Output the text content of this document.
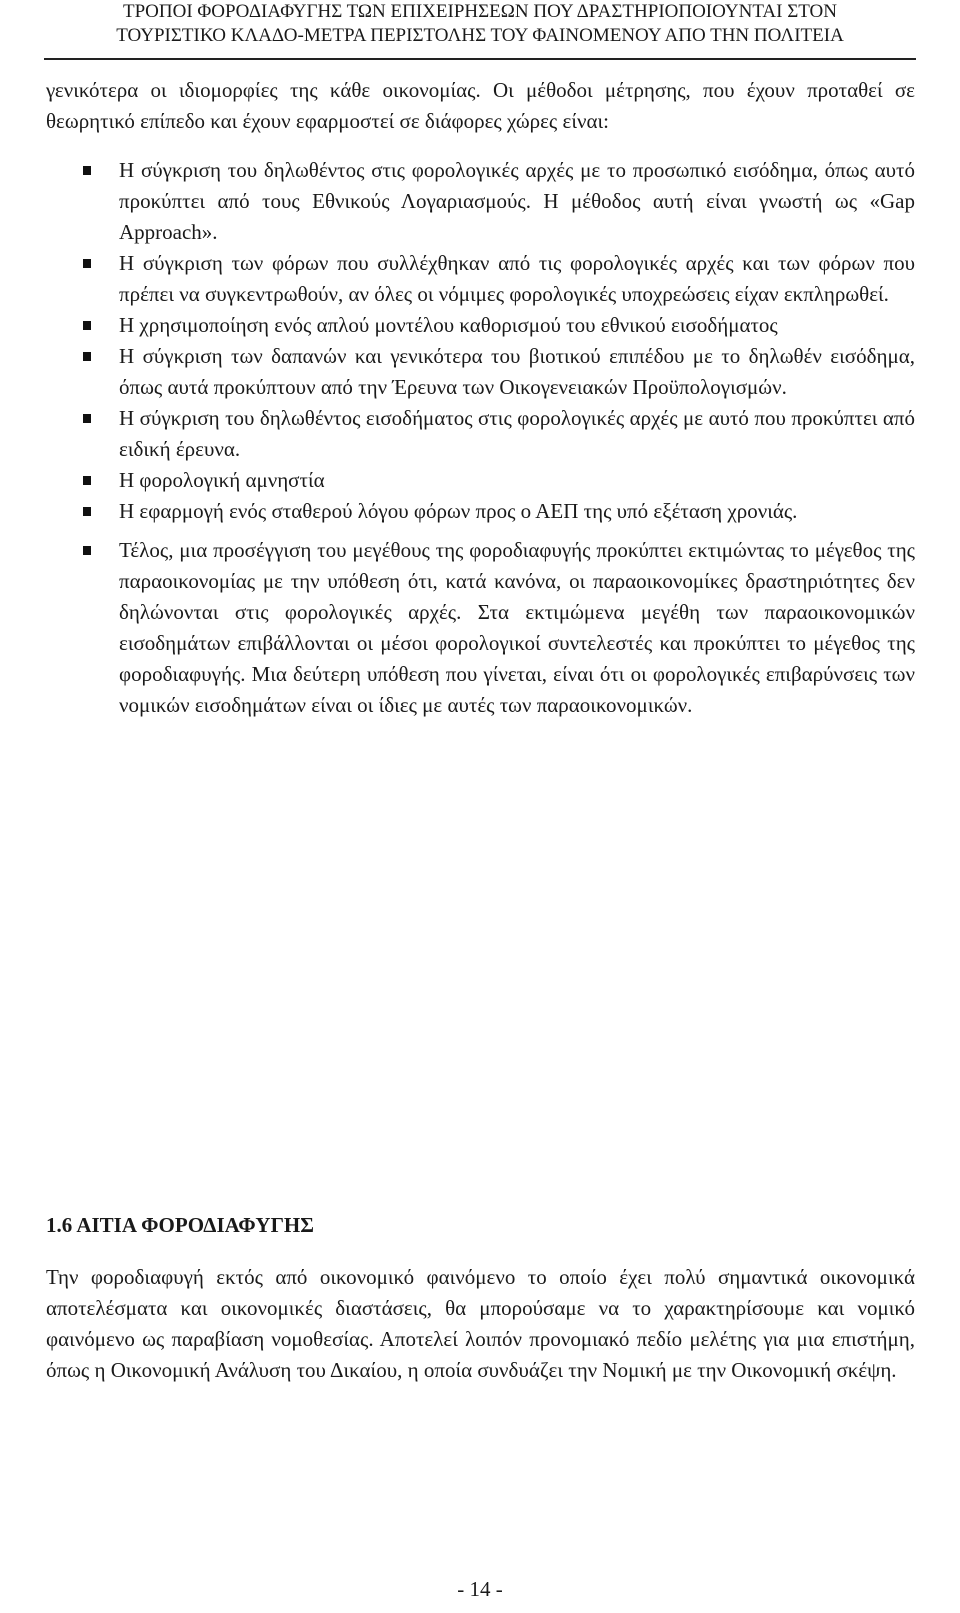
ΤΡΟΠΟΙ ΦΟΡΟΔΙΑΦΥΓΗΣ ΤΩΝ ΕΠΙΧΕΙΡΗΣΕΩΝ ΠΟΥ ΔΡΑΣΤΗΡΙΟΠΟΙΟΥΝΤΑΙ ΣΤΟΝ
ΤΟΥΡΙΣΤΙΚΟ ΚΛΑΔΟ-ΜΕΤΡΑ ΠΕΡΙΣΤΟΛΗΣ ΤΟΥ ΦΑΙΝΟΜΕΝΟΥ ΑΠΟ ΤΗΝ ΠΟΛΙΤΕΙΑ

γενικότερα οι ιδιομορφίες της κάθε οικονομίας. Οι μέθοδοι μέτρησης, που έχουν προταθεί σε θεωρητικό επίπεδο και έχουν εφαρμοστεί σε διάφορες χώρες είναι:

Η σύγκριση του δηλωθέντος στις φορολογικές αρχές με το προσωπικό εισόδημα, όπως αυτό προκύπτει από τους Εθνικούς Λογαριασμούς. Η μέθοδος αυτή είναι γνωστή ως «Gap Approach».
Η σύγκριση των φόρων που συλλέχθηκαν από τις φορολογικές αρχές και των φόρων που πρέπει να συγκεντρωθούν, αν όλες οι νόμιμες φορολογικές υποχρεώσεις είχαν εκπληρωθεί.
Η χρησιμοποίηση ενός απλού μοντέλου καθορισμού του εθνικού εισοδήματος
Η σύγκριση των δαπανών και γενικότερα του βιοτικού επιπέδου με το δηλωθέν εισόδημα, όπως αυτά προκύπτουν από την Έρευνα των Οικογενειακών Προϋπολογισμών.
Η σύγκριση του δηλωθέντος εισοδήματος στις φορολογικές αρχές με αυτό που προκύπτει από ειδική έρευνα.
Η φορολογική αμνηστία
Η εφαρμογή ενός σταθερού λόγου φόρων προς ο ΑΕΠ της υπό εξέταση χρονιάς.
Τέλος, μια προσέγγιση του μεγέθους της φοροδιαφυγής προκύπτει εκτιμώντας το μέγεθος της παραοικονομίας με την υπόθεση ότι, κατά κανόνα, οι παραοικονομίκες δραστηριότητες δεν δηλώνονται στις φορολογικές αρχές. Στα εκτιμώμενα μεγέθη των παραοικονομικών εισοδημάτων επιβάλλονται οι μέσοι φορολογικοί συντελεστές και προκύπτει το μέγεθος της φοροδιαφυγής. Μια δεύτερη υπόθεση που γίνεται, είναι ότι οι φορολογικές επιβαρύνσεις των νομικών εισοδημάτων είναι οι ίδιες με αυτές των παραοικονομικών.
1.6 ΑΙΤΙΑ ΦΟΡΟΔΙΑΦΥΓΗΣ

Την φοροδιαφυγή εκτός από οικονομικό φαινόμενο το οποίο έχει πολύ σημαντικά οικονομικά αποτελέσματα και οικονομικές διαστάσεις, θα μπορούσαμε να το χαρακτηρίσουμε και νομικό φαινόμενο ως παραβίαση νομοθεσίας. Αποτελεί λοιπόν προνομιακό πεδίο μελέτης για μια επιστήμη, όπως η Οικονομική Ανάλυση του Δικαίου, η οποία συνδυάζει την Νομική με την Οικονομική σκέψη.

- 14 -
